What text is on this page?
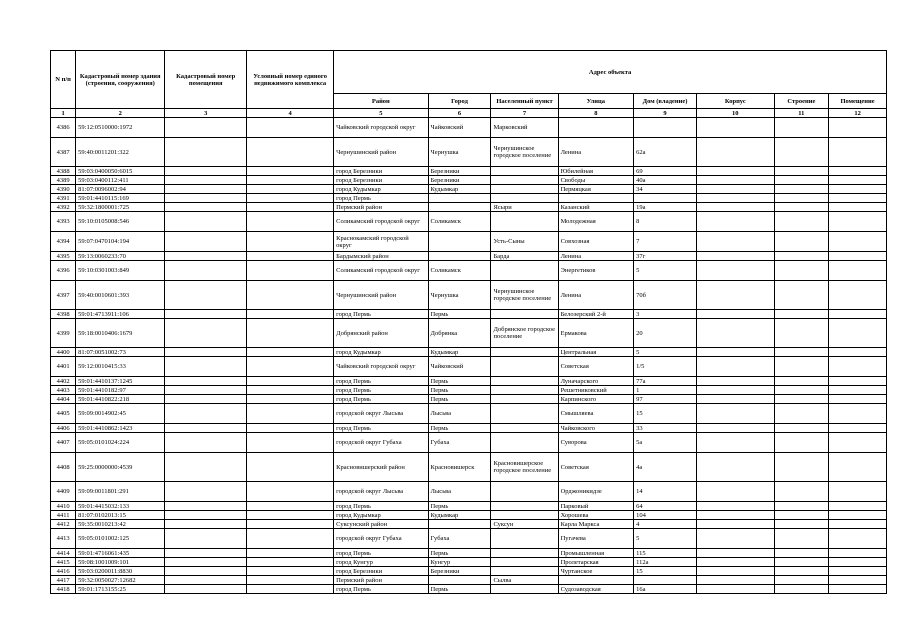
N п/п	Кадастровый номер здания (строения, сооружения)	Кадастровый номер помещения	Условный номер единого недвижимого комплекса	Адрес объекта							
				Район	Город	Населенный пункт	Улица	Дом (владение)	Корпус	Строение	Помещение
1	2	3	4	5	6	7	8	9	10	11	12
4386	59:12:0510000:1972			Чайковский городской округ	Чайковский	Марковский					
4387	59:40:0011201:322			Чернушинский район	Чернушка	Чернушинское городское поселение	Ленина	62а			
4388	59:03:0400050:6015			город Березники	Березники		Юбилейная	69			
4389	59:03:0400112:411			город Березники	Березники		Свободы	40а			
4390	81:07:0096002:94			город Кудымкар	Кудымкар		Пермяцкая	34			
4391	59:01:4410115:169			город Пермь							
4392	59:32:1800001:725			Пермский район		Ясыри	Казанский	19а			
4393	59:10:0105008:546			Соликамский городской округ	Соликамск		Молодежная	8			
4394	59:07:0470104:194			Краснокамский городской округ		Усть-Сыны	Совхозная	7			
4395	59:13:0060233:70			Бардымский район		Барда	Ленина	37г			
4396	59:10:0301003:849			Соликамский городской округ	Соликамск		Энергетиков	5			
4397	59:40:0010601:393			Чернушинский район	Чернушка	Чернушинское городское поселение	Ленина	70б			
4398	59:01:4713911:106			город Пермь	Пермь		Белозерский 2-й	3			
4399	59:18:0010406:1679			Добрянский район	Добрянка	Добрянское городское поселение	Ермакова	20			
4400	81:07:0051002:73			город Кудымкар	Кудымкар		Центральная	5			
4401	59:12:0010415:33			Чайковский городской округ	Чайковский		Советская	1/5			
4402	59:01:4410137:1245			город Пермь	Пермь		Луначарского	77а			
4403	59:01:4410182:97			город Пермь	Пермь		Решетниковский	1			
4404	59:01:4410822:218			город Пермь	Пермь		Карпинского	97			
4405	59:09:0014902:45			городской округ Лысьва	Лысьва		Смышляева	15			
4406	59:01:4410862:1423			город Пермь	Пермь		Чайковского	33			
4407	59:05:0101024:224			городской округ Губаха	Губаха		Суворова	5а			
4408	59:25:0000000:4539			Красновишерский район	Красновишерск	Красновишерское городское поселение	Советская	4а			
4409	59:09:0011801:291			городской округ Лысьва	Лысьва		Орджоникидзе	14			
4410	59:01:4415032:133			город Пермь	Пермь		Парковый	64			
4411	81:07:0102013:15			город Кудымкар	Кудымкар		Хорошева	104			
4412	59:35:0010213:42			Суксунский район		Суксун	Карла Маркса	4			
4413	59:05:0101002:125			городской округ Губаха	Губаха		Пугачева	5			
4414	59:01:4716061:435			город Пермь	Пермь		Промышленная	115			
4415	59:08:1001009:101			город Кунгур	Кунгур		Пролетарская	112а			
4416	59:03:0200011:8830			город Березники	Березники		Чуртанское	15			
4417	59:32:0050027:12682			Пермский район		Сылва					
4418	59:01:1713155:25			город Пермь	Пермь		Судозаводская	16а			
